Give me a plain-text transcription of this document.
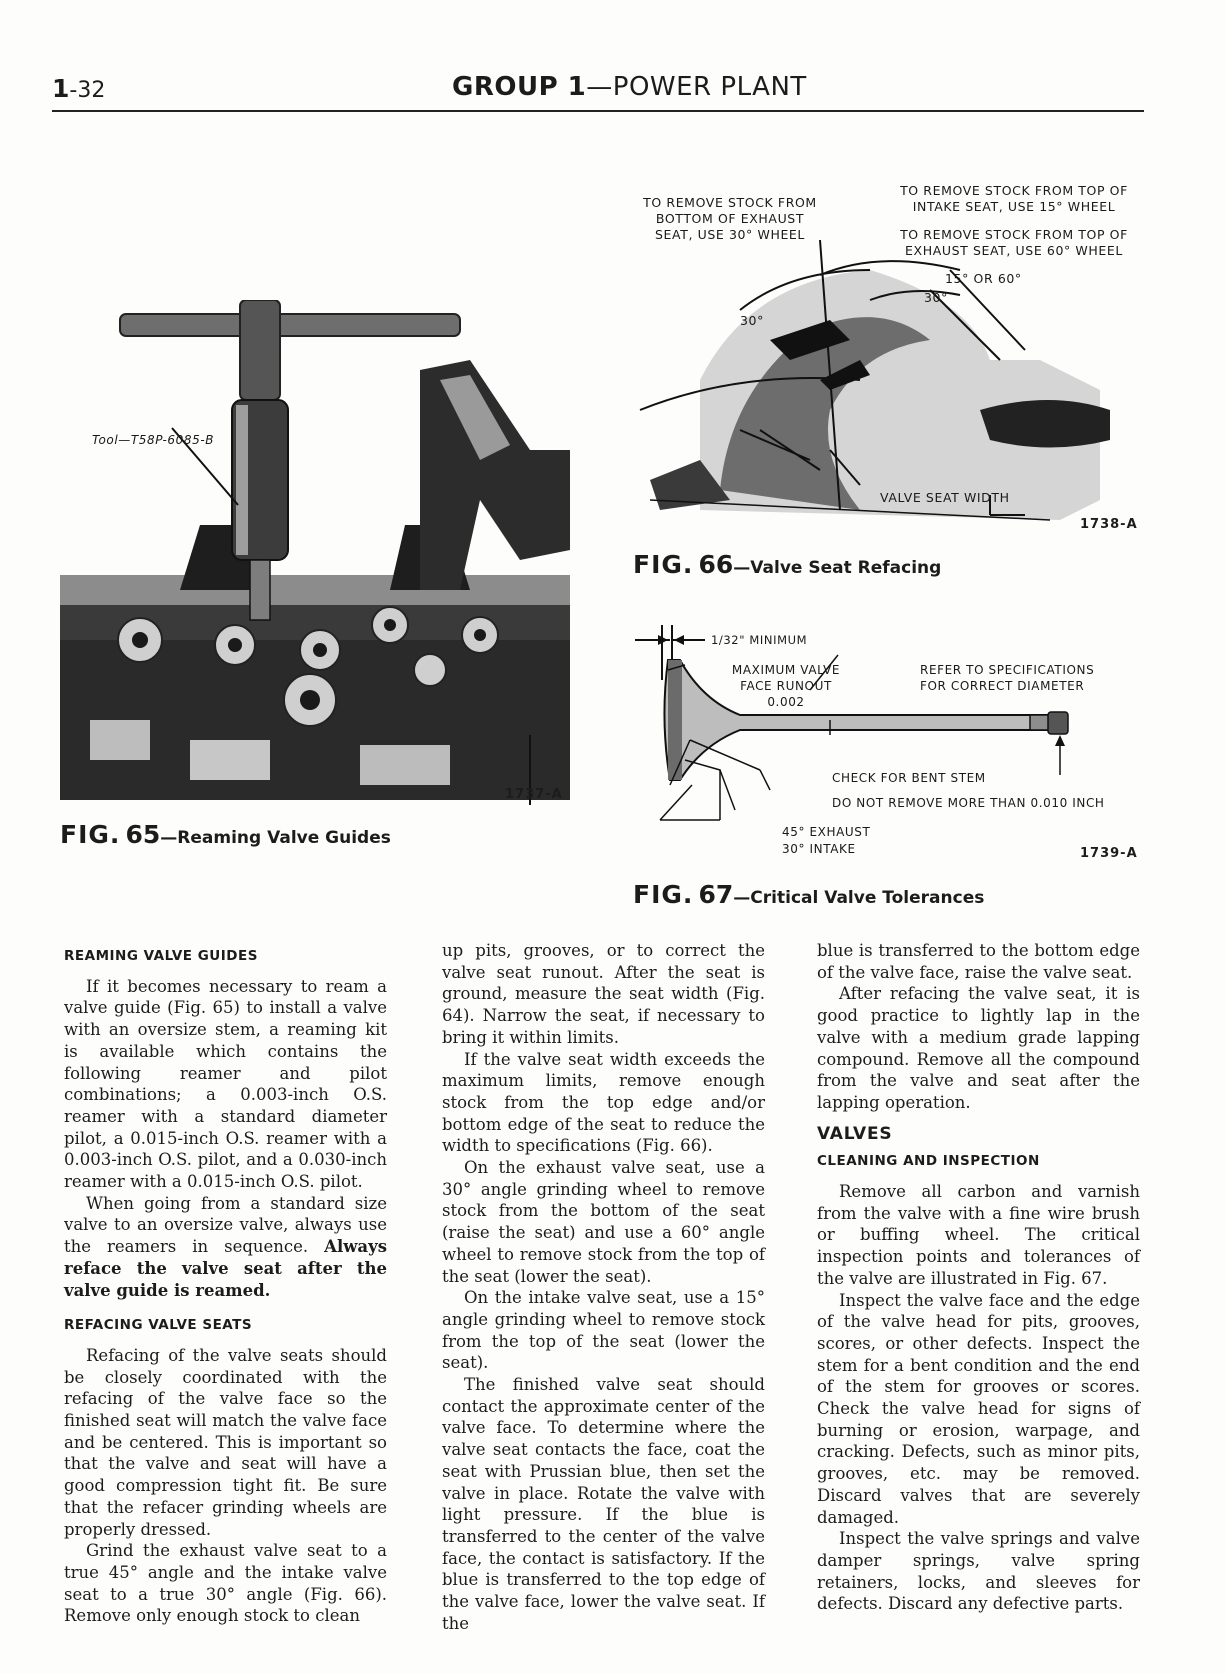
1-32	GROUP 1—POWER PLANT
Tool—T58P-6085-B
1737-A
FIG. 65—Reaming Valve Guides
TO REMOVE STOCK FROM
BOTTOM OF EXHAUST
SEAT, USE 30° WHEEL
TO REMOVE STOCK FROM TOP OF
INTAKE SEAT, USE 15° WHEEL
TO REMOVE STOCK FROM TOP OF
EXHAUST SEAT, USE 60° WHEEL
15° OR 60°
30°
30°
VALVE SEAT WIDTH
1738-A
FIG. 66—Valve Seat Refacing
1/32" MINIMUM
MAXIMUM VALVE
FACE RUNOUT
0.002
REFER TO SPECIFICATIONS
FOR CORRECT DIAMETER
CHECK FOR BENT STEM
DO NOT REMOVE MORE THAN 0.010 INCH
45° EXHAUST
30° INTAKE	1739-A
FIG. 67—Critical Valve Tolerances
REAMING VALVE GUIDES

If it becomes necessary to ream a valve guide (Fig. 65) to install a valve with an oversize stem, a reaming kit is available which contains the following reamer and pilot combinations; a 0.003-inch O.S. reamer with a standard diameter pilot, a 0.015-inch O.S. reamer with a 0.003-inch O.S. pilot, and a 0.030-inch reamer with a 0.015-inch O.S. pilot.

When going from a standard size valve to an oversize valve, always use the reamers in sequence. Always reface the valve seat after the valve guide is reamed.

REFACING VALVE SEATS

Refacing of the valve seats should be closely coordinated with the refacing of the valve face so the finished seat will match the valve face and be centered. This is important so that the valve and seat will have a good compression tight fit. Be sure that the refacer grinding wheels are properly dressed.

Grind the exhaust valve seat to a true 45° angle and the intake valve seat to a true 30° angle (Fig. 66). Remove only enough stock to clean

up pits, grooves, or to correct the valve seat runout. After the seat is ground, measure the seat width (Fig. 64). Narrow the seat, if necessary to bring it within limits.

If the valve seat width exceeds the maximum limits, remove enough stock from the top edge and/or bottom edge of the seat to reduce the width to specifications (Fig. 66).

On the exhaust valve seat, use a 30° angle grinding wheel to remove stock from the bottom of the seat (raise the seat) and use a 60° angle wheel to remove stock from the top of the seat (lower the seat).

On the intake valve seat, use a 15° angle grinding wheel to remove stock from the top of the seat (lower the seat).

The finished valve seat should contact the approximate center of the valve face. To determine where the valve seat contacts the face, coat the seat with Prussian blue, then set the valve in place. Rotate the valve with light pressure. If the blue is transferred to the center of the valve face, the contact is satisfactory. If the blue is transferred to the top edge of the valve face, lower the valve seat. If the

blue is transferred to the bottom edge of the valve face, raise the valve seat.

After refacing the valve seat, it is good practice to lightly lap in the valve with a medium grade lapping compound. Remove all the compound from the valve and seat after the lapping operation.

VALVES
CLEANING AND INSPECTION

Remove all carbon and varnish from the valve with a fine wire brush or buffing wheel. The critical inspection points and tolerances of the valve are illustrated in Fig. 67.

Inspect the valve face and the edge of the valve head for pits, grooves, scores, or other defects. Inspect the stem for a bent condition and the end of the stem for grooves or scores. Check the valve head for signs of burning or erosion, warpage, and cracking. Defects, such as minor pits, grooves, etc. may be removed. Discard valves that are severely damaged.

Inspect the valve springs and valve damper springs, valve spring retainers, locks, and sleeves for defects. Discard any defective parts.
